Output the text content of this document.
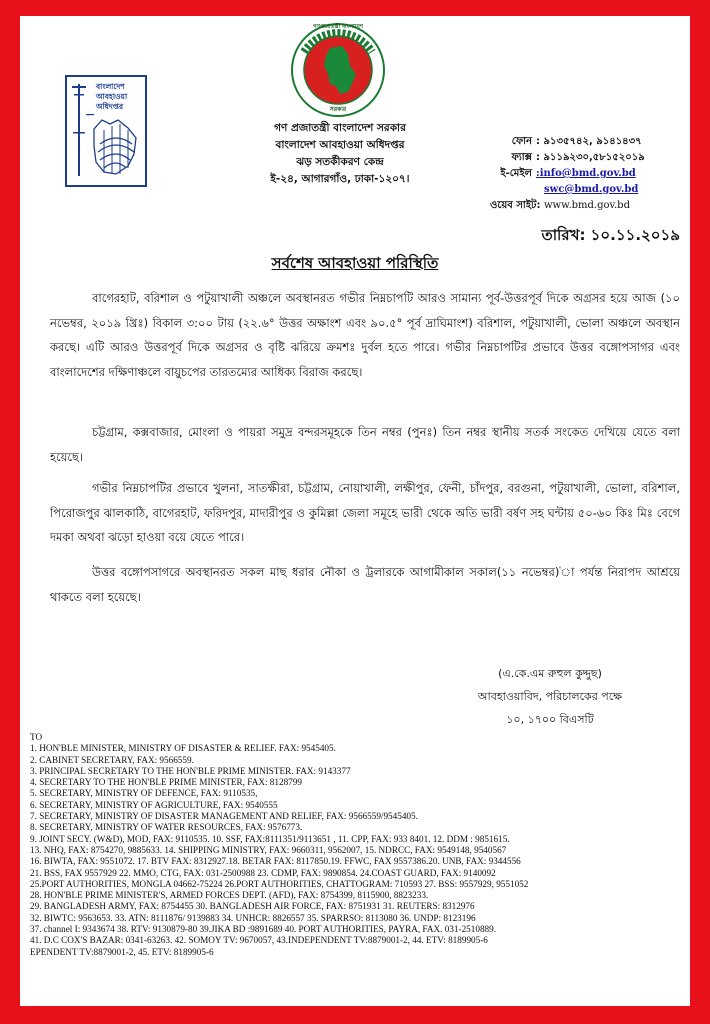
বাংলাদেশ
আবহাওয়া
অধিদপ্তর
গণপ্রজাতন্ত্রী বাংলাদেশ
সরকার
গণ প্রজাতন্ত্রী বাংলাদেশ সরকার
বাংলাদেশ আবহাওয়া অধিদপ্তর
ঝড় সতর্কীকরণ কেন্দ্র
ই-২৪, আগারগাঁও, ঢাকা-১২০৭।
ফোন : ৯১৩৫৭৪২, ৯১৪১৪৩৭
ফ্যাক্স : ৯১১৯২৩০,৫৮১৫২০১৯
ই-মেইল :info@bmd.gov.bd
swc@bmd.gov.bd
ওয়েব সাইট: www.bmd.gov.bd
তারিখ: ১০.১১.২০১৯
সর্বশেষ আবহাওয়া পরিস্থিতি

বাগেরহাট, বরিশাল ও পটুয়াখালী অঞ্চলে অবস্থানরত গভীর নিম্নচাপটি আরও সামান্য পূর্ব-উত্তরপূর্ব দিকে অগ্রসর হয়ে আজ (১০ নভেম্বর, ২০১৯ খ্রিঃ) বিকাল ৩:০০ টায় (২২.৬° উত্তর অক্ষাংশ এবং ৯০.৫° পূর্ব দ্রাঘিমাংশ) বরিশাল, পটুয়াখালী, ভোলা অঞ্চলে অবস্থান করছে। এটি আরও উত্তরপূর্ব দিকে অগ্রসর ও বৃষ্টি ঝরিয়ে ক্রমশঃ দুর্বল হতে পারে। গভীর নিম্নচাপটির প্রভাবে উত্তর বঙ্গোপসাগর এবং বাংলাদেশের দক্ষিণাঞ্চলে বায়ুচপের তারতম্যের আধিক্য বিরাজ করছে।

চট্টগ্রাম, কক্সবাজার, মোংলা ও পায়রা সমুদ্র বন্দরসমূহকে তিন নম্বর (পুনঃ) তিন নম্বর স্থানীয় সতর্ক সংকেত দেখিয়ে যেতে বলা হয়েছে।

গভীর নিম্নচাপটির প্রভাবে খুলনা, সাতক্ষীরা, চট্টগ্রাম, নোয়াখালী, লক্ষীপুর, ফেনী, চাঁদপুর, বরগুনা, পটুয়াখালী, ভোলা, বরিশাল, পিরোজপুর ঝালকাঠি, বাগেরহাট, ফরিদপুর, মাদারীপুর ও কুমিল্লা জেলা সমূহে ভারী থেকে অতি ভারী বর্ষণ সহ ঘন্টায় ৫০-৬০ কিঃ মিঃ বেগে দমকা অথবা ঝড়ো হাওয়া বয়ে যেতে পারে।

উত্তর বঙ্গোপসাগরে অবস্থানরত সকল মাছ ধরার নৌকা ও ট্রলারকে আগামীকাল সকাল(১১ নভেম্বর)'া পর্যন্ত নিরাপদ আশ্রয়ে থাকতে বলা হয়েছে।

(এ.কে.এম রুহুল কুদ্দুছ)
আবহাওয়াবিদ, পরিচালকের পক্ষে
১০, ১৭০০ বিএসটি
TO
1. HON'BLE MINISTER, MINISTRY OF DISASTER & RELIEF. FAX: 9545405.
2. CABINET SECRETARY, FAX: 9566559.
3. PRINCIPAL SECRETARY TO THE HON'BLE PRIME MINISTER. FAX: 9143377
4. SECRETARY TO THE HON'BLE PRIME MINISTER, FAX: 8128799
5. SECRETARY, MINISTRY OF DEFENCE, FAX: 9110535,
6. SECRETARY, MINISTRY OF AGRICULTURE, FAX: 9540555
7. SECRETARY, MINISTRY OF DISASTER MANAGEMENT AND RELIEF, FAX: 9566559/9545405.
8. SECRETARY, MINISTRY OF WATER RESOURCES, FAX: 9576773.
9. JOINT SECY. (W&D), MOD, FAX: 9110535. 10. SSF, FAX:8111351/9113651 , 11. CPP, FAX: 933 8401. 12. DDM : 9851615.
13. NHQ, FAX: 8754270, 9885633. 14. SHIPPING MINISTRY, FAX: 9660311, 9562007, 15. NDRCC, FAX: 9549148, 9540567
16. BIWTA, FAX: 9551072. 17. BTV FAX: 8312927.18. BETAR FAX: 8117850.19. FFWC, FAX 9557386.20. UNB, FAX: 9344556
21. BSS, FAX 9557929 22. MMO, CTG, FAX: 031-2500988 23. CDMP, FAX: 9890854. 24.COAST GUARD, FAX: 9140092
25.PORT AUTHORITIES, MONGLA 04662-75224 26.PORT AUTHORITIES, CHATTOGRAM: 710593 27. BSS: 9557929, 9551052
28. HON'BLE PRIME MINISTER'S, ARMED FORCES DEPT. (AFD), FAX: 8754399, 8115900, 8823233.
29. BANGLADESH ARMY, FAX: 8754455 30. BANGLADESH AIR FORCE, FAX: 8751931 31. REUTERS: 8312976
32. BIWTC: 9563653. 33. ATN: 8111876/ 9139883 34. UNHCR: 8826557 35. SPARRSO: 8113080 36. UNDP: 8123196
37. channel I: 9343674 38. RTV: 9130879-80 39.JIKA BD :9891689 40. PORT AUTHORITIES, PAYRA, FAX. 031-2510889.
41. D.C COX'S BAZAR: 0341-63263. 42. SOMOY TV: 9670057, 43.INDEPENDENT TV:8879001-2, 44. ETV: 8189905-6
EPENDENT TV:8879001-2, 45. ETV: 8189905-6
